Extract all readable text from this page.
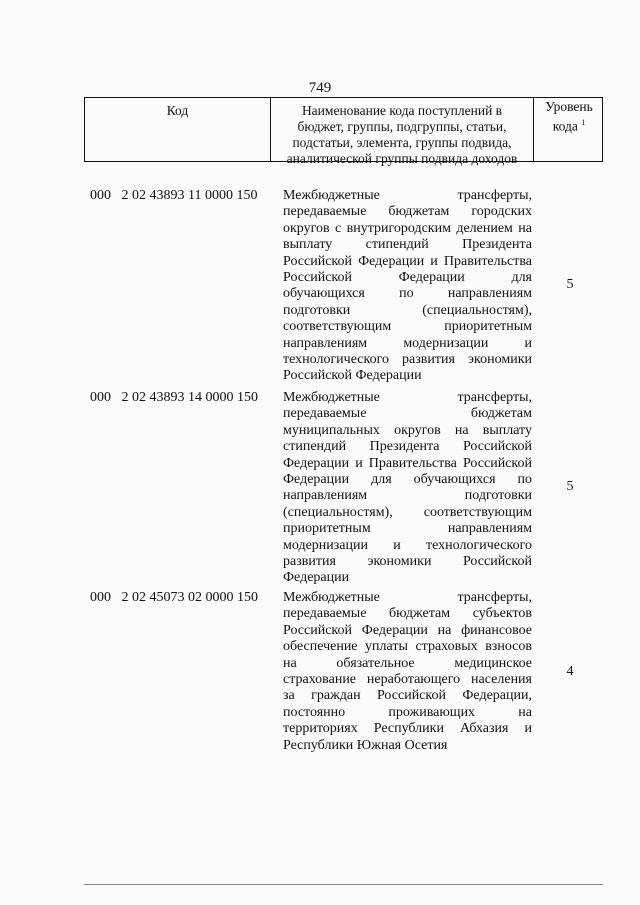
749
Код	Наименование кода поступлений в
бюджет, группы, подгруппы, статьи,
подстатьи, элемента, группы подвида,
аналитической группы подвида доходов
Уровень
кода $^1$
000 2 02 43893 11 0000 150 Межбюджетные трансферты,
передаваемые бюджетам городских
округов с внутригородским делением на
выплату стипендий Президента
Российской Федерации и Правительства
Российской Федерации для
обучающихся по направлениям
подготовки (специальностям),
соответствующим приоритетным
направлениям модернизации и
технологического развития экономики
Российской Федерации
5
000 2 02 43893 14 0000 150 Межбюджетные трансферты,
передаваемые бюджетам
муниципальных округов на выплату
стипендий Президента Российской
Федерации и Правительства Российской
Федерации для обучающихся по
направлениям подготовки
(специальностям), соответствующим
приоритетным направлениям
модернизации и технологического
развития экономики Российской
Федерации
5
000 2 02 45073 02 0000 150 Межбюджетные трансферты,
передаваемые бюджетам субъектов
Российской Федерации на финансовое
обеспечение уплаты страховых взносов
на обязательное медицинское
страхование неработающего населения
за граждан Российской Федерации,
постоянно проживающих на
территориях Республики Абхазия и
Республики Южная Осетия
4
